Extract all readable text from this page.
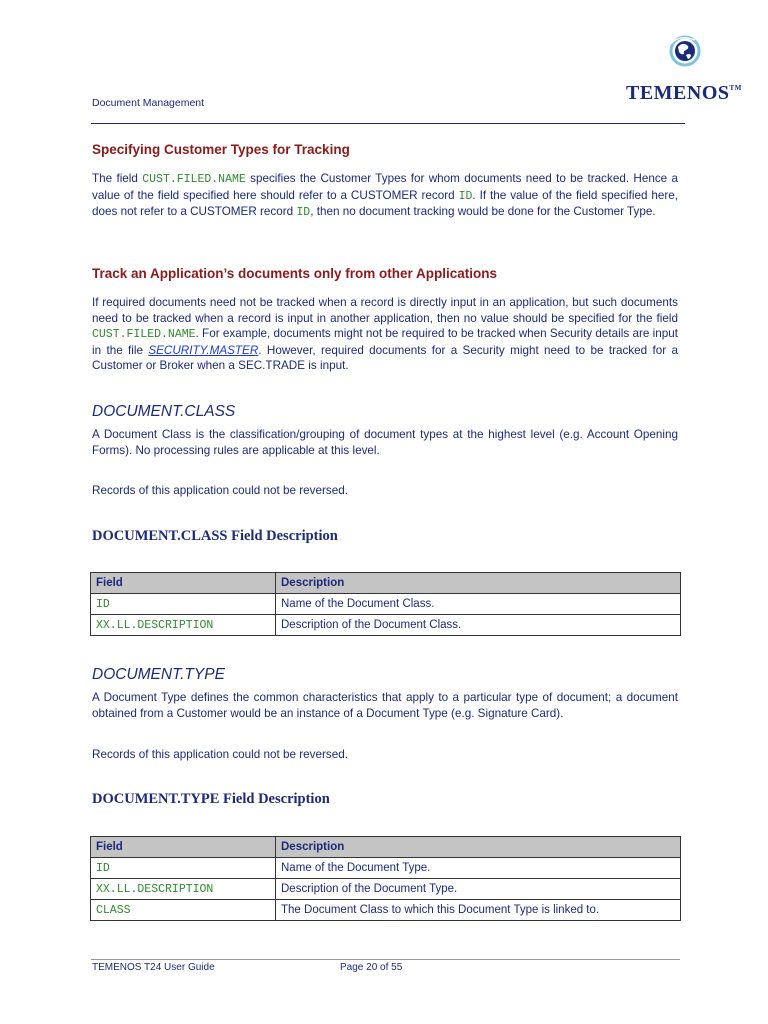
Document Management	TEMENOS™
Specifying Customer Types for Tracking
The field CUST.FILED.NAME specifies the Customer Types for whom documents need to be tracked. Hence a value of the field specified here should refer to a CUSTOMER record ID. If the value of the field specified here, does not refer to a CUSTOMER record ID, then no document tracking would be done for the Customer Type.
Track an Application’s documents only from other Applications
If required documents need not be tracked when a record is directly input in an application, but such documents need to be tracked when a record is input in another application, then no value should be specified for the field CUST.FILED.NAME. For example, documents might not be required to be tracked when Security details are input in the file SECURITY.MASTER. However, required documents for a Security might need to be tracked for a Customer or Broker when a SEC.TRADE is input.
DOCUMENT.CLASS
A Document Class is the classification/grouping of document types at the highest level (e.g. Account Opening Forms). No processing rules are applicable at this level.
Records of this application could not be reversed.
DOCUMENT.CLASS Field Description
Field	Description
ID	Name of the Document Class.
XX.LL.DESCRIPTION	Description of the Document Class.
DOCUMENT.TYPE
A Document Type defines the common characteristics that apply to a particular type of document; a document obtained from a Customer would be an instance of a Document Type (e.g. Signature Card).
Records of this application could not be reversed.
DOCUMENT.TYPE Field Description
Field	Description
ID	Name of the Document Type.
XX.LL.DESCRIPTION	Description of the Document Type.
CLASS	The Document Class to which this Document Type is linked to.
TEMENOS T24 User Guide	Page 20 of 55
